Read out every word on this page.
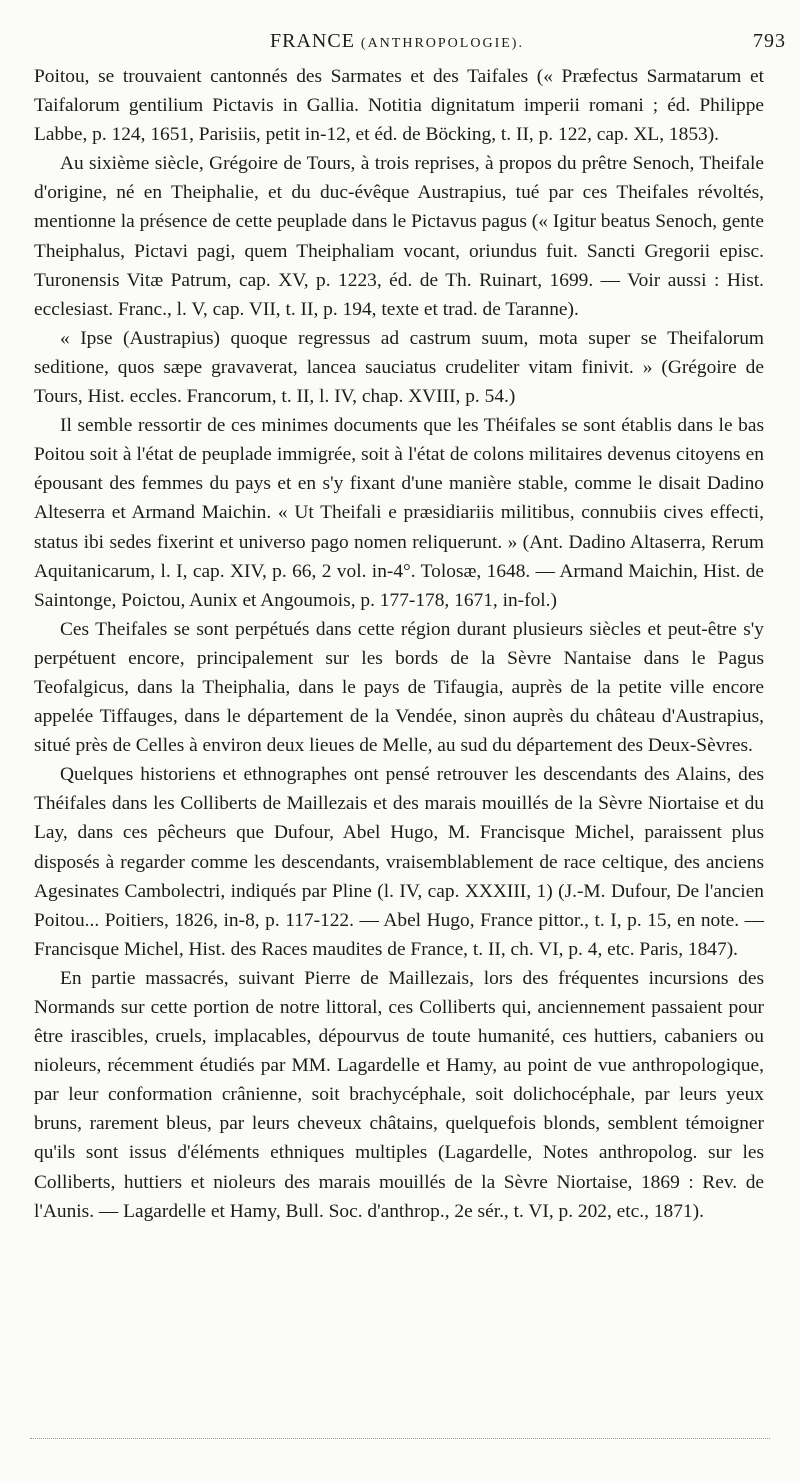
FRANCE (ANTHROPOLOGIE).	793

Poitou, se trouvaient cantonnés des Sarmates et des Taifales (« Præfectus Sarmatarum et Taifalorum gentilium Pictavis in Gallia. Notitia dignitatum imperii romani ; éd. Philippe Labbe, p. 124, 1651, Parisiis, petit in-12, et éd. de Böcking, t. II, p. 122, cap. XL, 1853).

Au sixième siècle, Grégoire de Tours, à trois reprises, à propos du prêtre Senoch, Theifale d'origine, né en Theiphalie, et du duc-évêque Austrapius, tué par ces Theifales révoltés, mentionne la présence de cette peuplade dans le Pictavus pagus (« Igitur beatus Senoch, gente Theiphalus, Pictavi pagi, quem Theiphaliam vocant, oriundus fuit. Sancti Gregorii episc. Turonensis Vitæ Patrum, cap. XV, p. 1223, éd. de Th. Ruinart, 1699. — Voir aussi : Hist. ecclesiast. Franc., l. V, cap. VII, t. II, p. 194, texte et trad. de Taranne).

« Ipse (Austrapius) quoque regressus ad castrum suum, mota super se Theifalorum seditione, quos sæpe gravaverat, lancea sauciatus crudeliter vitam finivit. » (Grégoire de Tours, Hist. eccles. Francorum, t. II, l. IV, chap. XVIII, p. 54.)

Il semble ressortir de ces minimes documents que les Théifales se sont établis dans le bas Poitou soit à l'état de peuplade immigrée, soit à l'état de colons militaires devenus citoyens en épousant des femmes du pays et en s'y fixant d'une manière stable, comme le disait Dadino Alteserra et Armand Maichin. « Ut Theifali e præsidiariis militibus, connubiis cives effecti, status ibi sedes fixerint et universo pago nomen reliquerunt. » (Ant. Dadino Altaserra, Rerum Aquitanicarum, l. I, cap. XIV, p. 66, 2 vol. in-4°. Tolosæ, 1648. — Armand Maichin, Hist. de Saintonge, Poictou, Aunix et Angoumois, p. 177-178, 1671, in-fol.)

Ces Theifales se sont perpétués dans cette région durant plusieurs siècles et peut-être s'y perpétuent encore, principalement sur les bords de la Sèvre Nantaise dans le Pagus Teofalgicus, dans la Theiphalia, dans le pays de Tifaugia, auprès de la petite ville encore appelée Tiffauges, dans le département de la Vendée, sinon auprès du château d'Austrapius, situé près de Celles à environ deux lieues de Melle, au sud du département des Deux-Sèvres.

Quelques historiens et ethnographes ont pensé retrouver les descendants des Alains, des Théifales dans les Colliberts de Maillezais et des marais mouillés de la Sèvre Niortaise et du Lay, dans ces pêcheurs que Dufour, Abel Hugo, M. Francisque Michel, paraissent plus disposés à regarder comme les descendants, vraisemblablement de race celtique, des anciens Agesinates Cambolectri, indiqués par Pline (l. IV, cap. XXXIII, 1) (J.-M. Dufour, De l'ancien Poitou... Poitiers, 1826, in-8, p. 117-122. — Abel Hugo, France pittor., t. I, p. 15, en note. — Francisque Michel, Hist. des Races maudites de France, t. II, ch. VI, p. 4, etc. Paris, 1847).

En partie massacrés, suivant Pierre de Maillezais, lors des fréquentes incursions des Normands sur cette portion de notre littoral, ces Colliberts qui, anciennement passaient pour être irascibles, cruels, implacables, dépourvus de toute humanité, ces huttiers, cabaniers ou nioleurs, récemment étudiés par MM. Lagardelle et Hamy, au point de vue anthropologique, par leur conformation crânienne, soit brachycéphale, soit dolichocéphale, par leurs yeux bruns, rarement bleus, par leurs cheveux châtains, quelquefois blonds, semblent témoigner qu'ils sont issus d'éléments ethniques multiples (Lagardelle, Notes anthropolog. sur les Colliberts, huttiers et nioleurs des marais mouillés de la Sèvre Niortaise, 1869 : Rev. de l'Aunis. — Lagardelle et Hamy, Bull. Soc. d'anthrop., 2e sér., t. VI, p. 202, etc., 1871).
